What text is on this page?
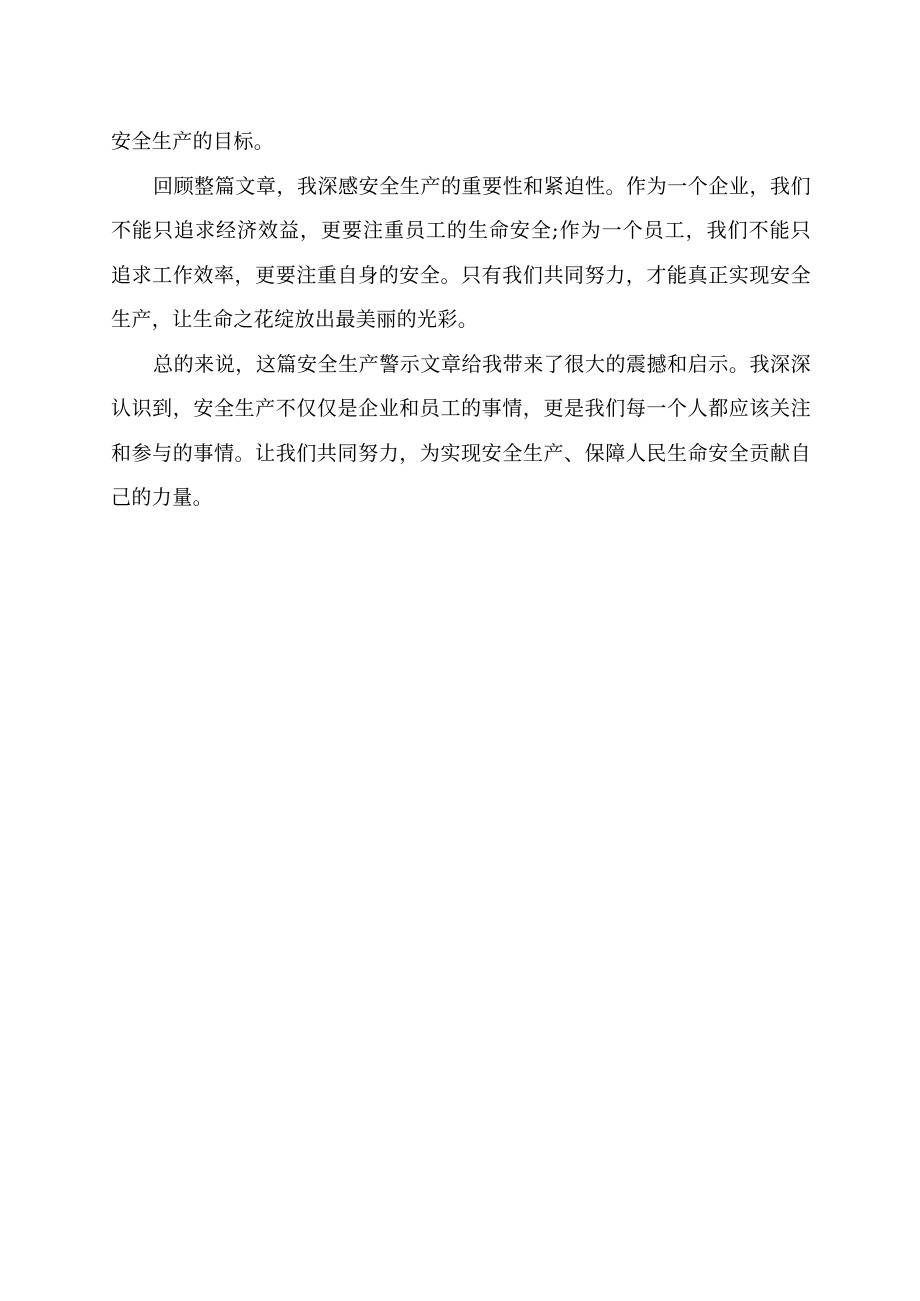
安全生产的目标。

回顾整篇文章，我深感安全生产的重要性和紧迫性。作为一个企业，我们不能只追求经济效益，更要注重员工的生命安全;作为一个员工，我们不能只追求工作效率，更要注重自身的安全。只有我们共同努力，才能真正实现安全生产，让生命之花绽放出最美丽的光彩。

总的来说，这篇安全生产警示文章给我带来了很大的震撼和启示。我深深认识到，安全生产不仅仅是企业和员工的事情，更是我们每一个人都应该关注和参与的事情。让我们共同努力，为实现安全生产、保障人民生命安全贡献自己的力量。
